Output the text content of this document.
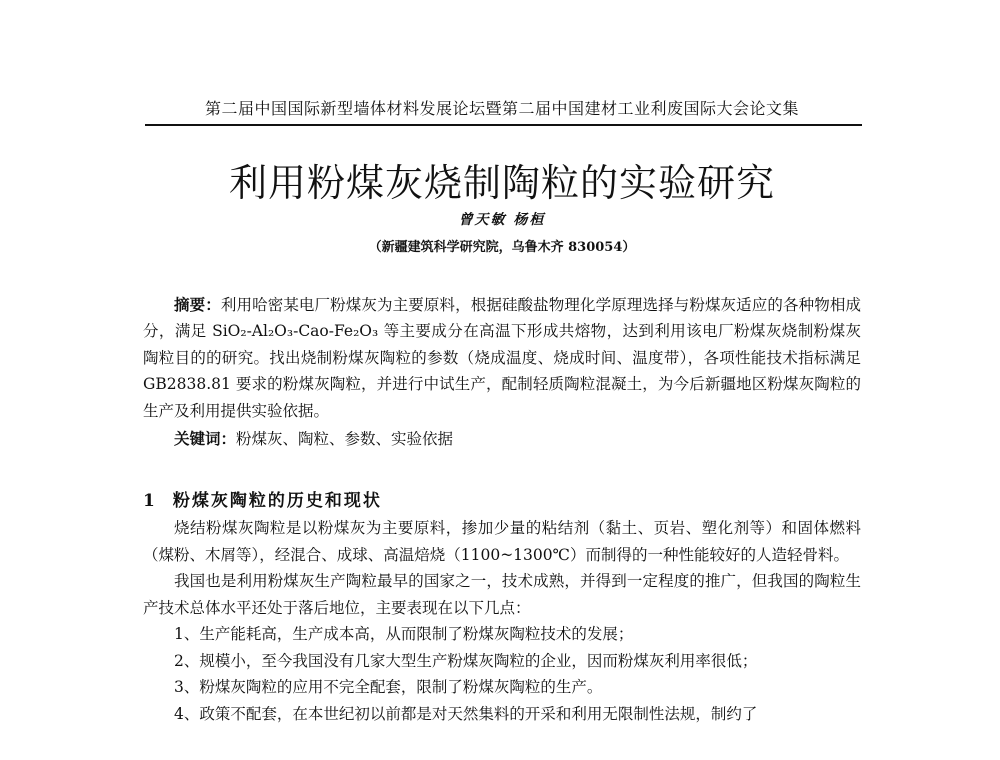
第二届中国国际新型墙体材料发展论坛暨第二届中国建材工业利废国际大会论文集
利用粉煤灰烧制陶粒的实验研究
曾天敏 杨桓
（新疆建筑科学研究院，乌鲁木齐 830054）

摘要：利用哈密某电厂粉煤灰为主要原料，根据硅酸盐物理化学原理选择与粉煤灰适应的各种物相成分，满足 SiO₂-Al₂O₃-Cao-Fe₂O₃ 等主要成分在高温下形成共熔物，达到利用该电厂粉煤灰烧制粉煤灰陶粒目的的研究。找出烧制粉煤灰陶粒的参数（烧成温度、烧成时间、温度带），各项性能技术指标满足 GB2838.81 要求的粉煤灰陶粒，并进行中试生产，配制轻质陶粒混凝土，为今后新疆地区粉煤灰陶粒的生产及利用提供实验依据。

关键词：粉煤灰、陶粒、参数、实验依据

1 粉煤灰陶粒的历史和现状

烧结粉煤灰陶粒是以粉煤灰为主要原料，掺加少量的粘结剂（黏土、页岩、塑化剂等）和固体燃料（煤粉、木屑等），经混合、成球、高温焙烧（1100~1300℃）而制得的一种性能较好的人造轻骨料。

我国也是利用粉煤灰生产陶粒最早的国家之一，技术成熟，并得到一定程度的推广，但我国的陶粒生产技术总体水平还处于落后地位，主要表现在以下几点：

1、生产能耗高，生产成本高，从而限制了粉煤灰陶粒技术的发展；

2、规模小，至今我国没有几家大型生产粉煤灰陶粒的企业，因而粉煤灰利用率很低；

3、粉煤灰陶粒的应用不完全配套，限制了粉煤灰陶粒的生产。

4、政策不配套，在本世纪初以前都是对天然集料的开采和利用无限制性法规，制约了
